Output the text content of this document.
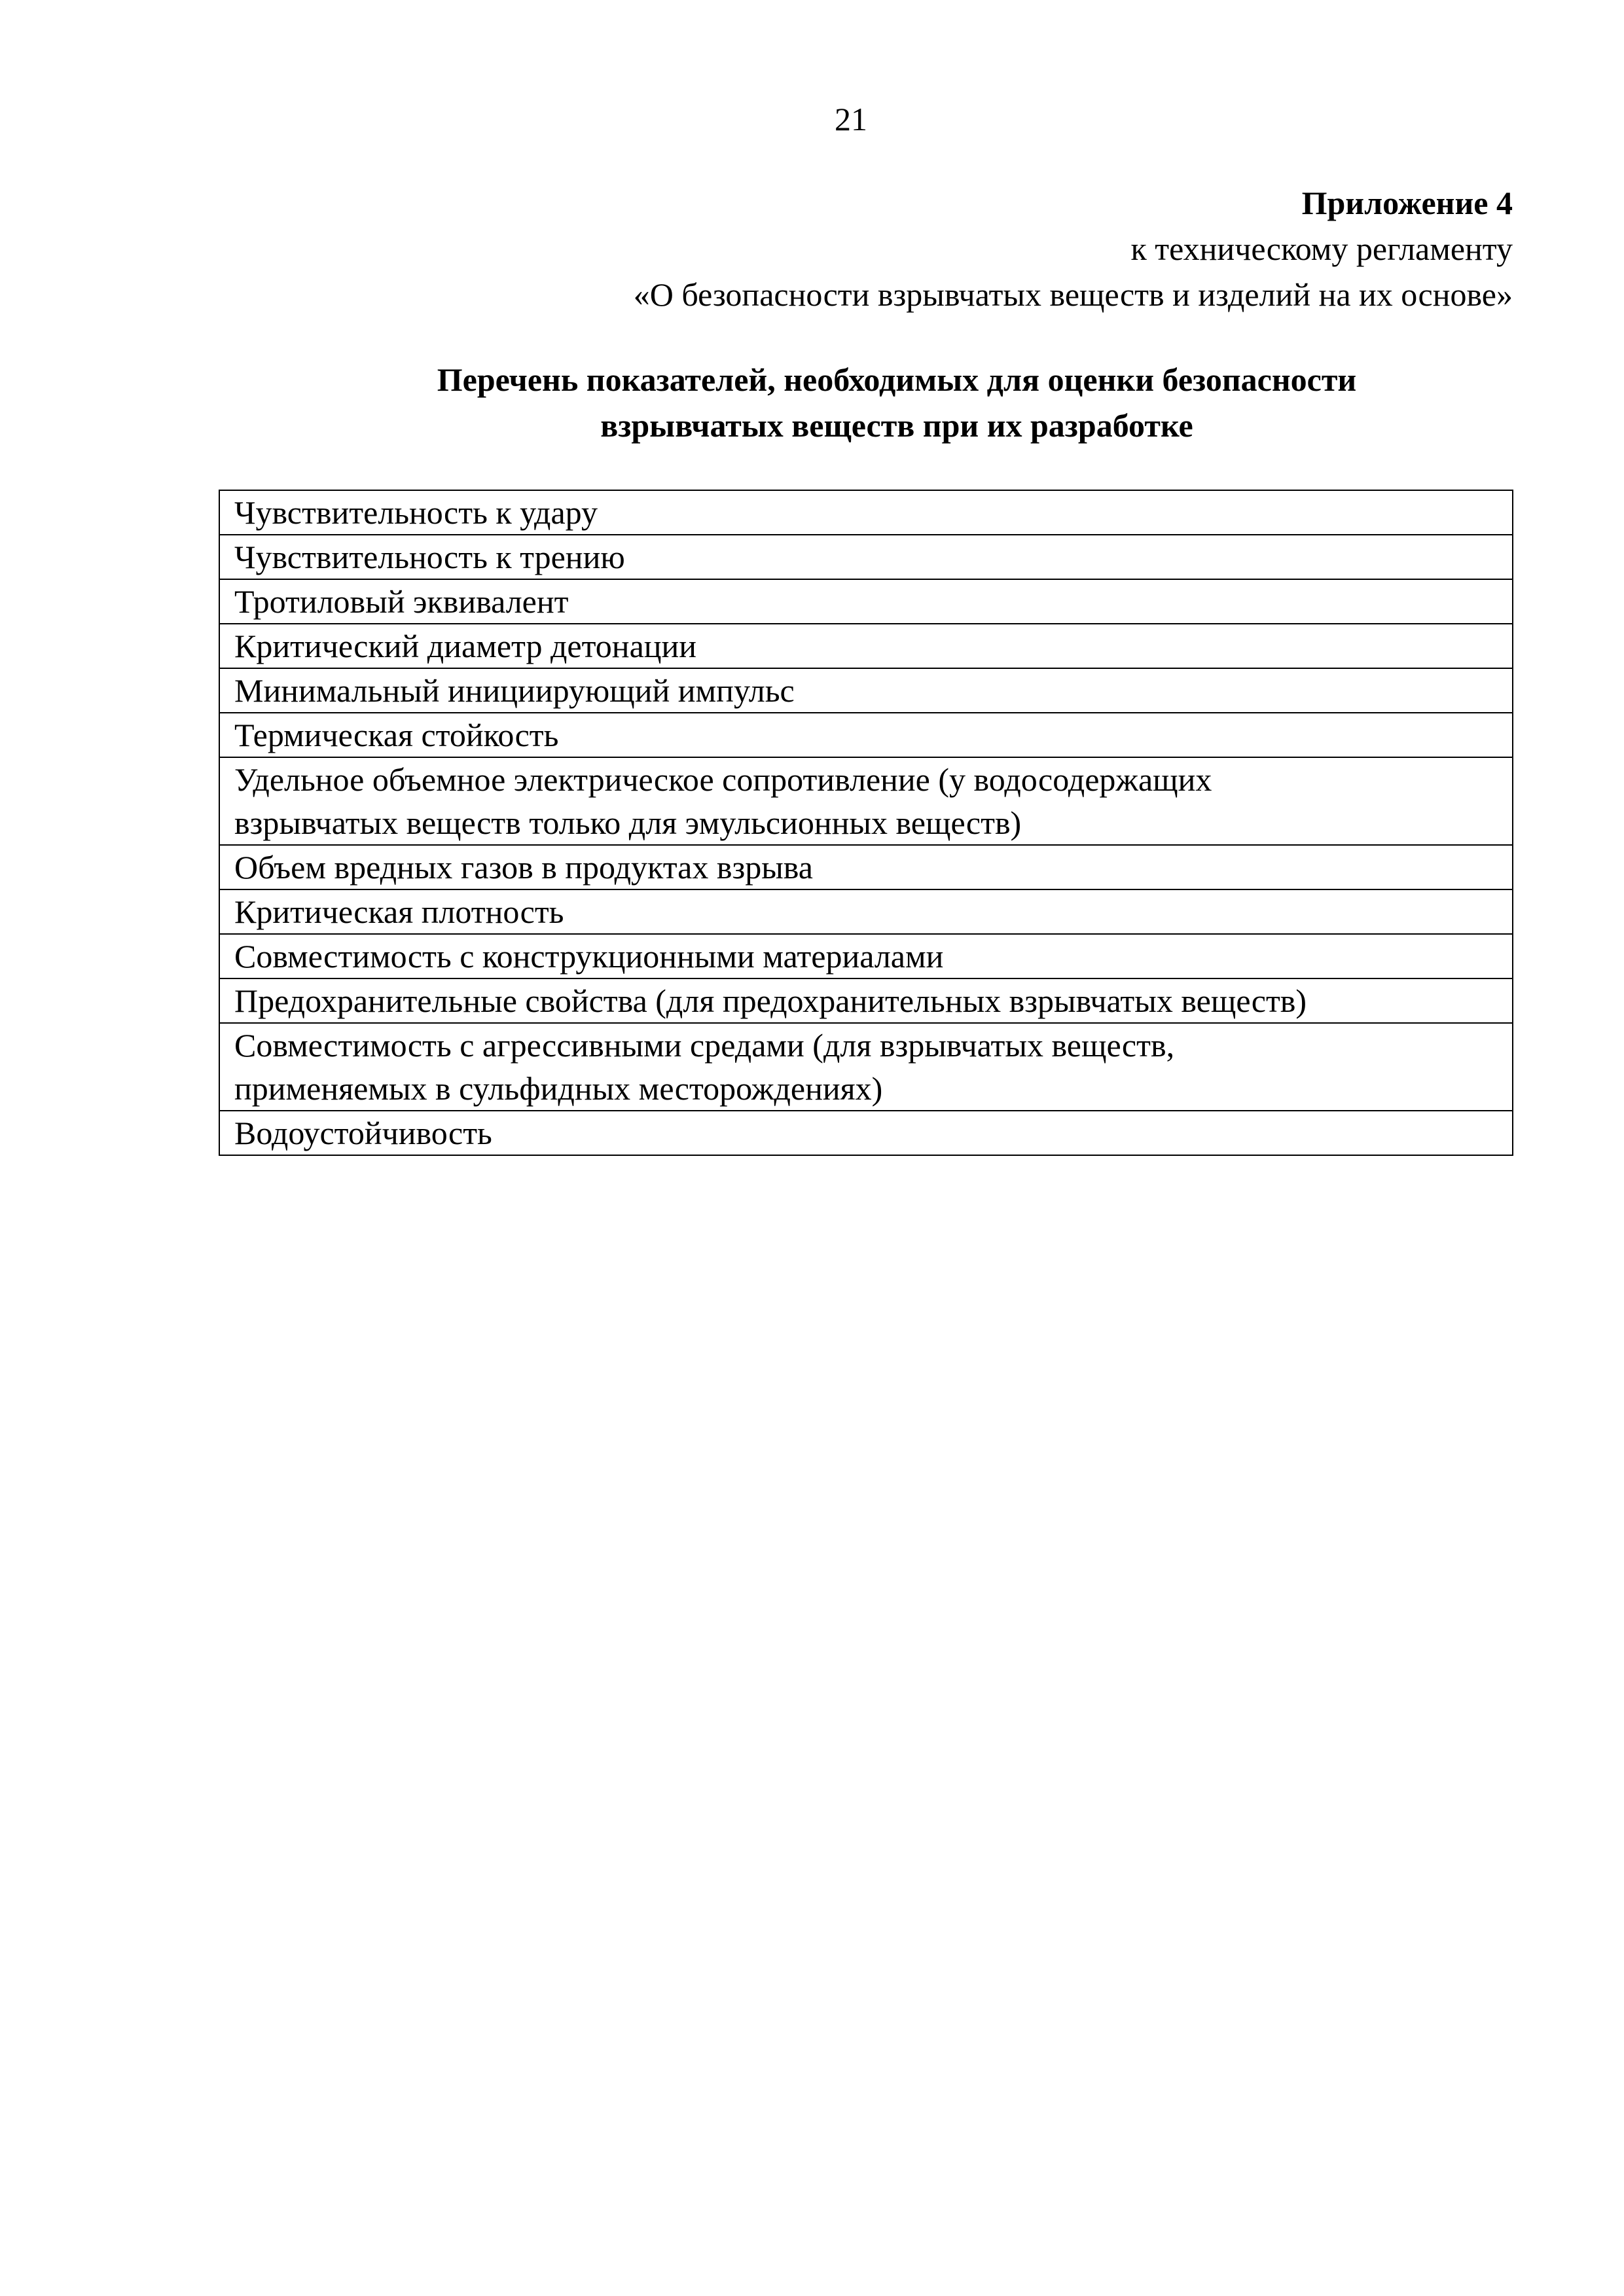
21
Приложение 4
к техническому регламенту
«О безопасности взрывчатых веществ и изделий на их основе»
Перечень показателей, необходимых для оценки безопасности
взрывчатых веществ при их разработке
Чувствительность к удару

Чувствительность к трению

Тротиловый эквивалент

Критический диаметр детонации

Минимальный инициирующий импульс

Термическая стойкость

Удельное объемное электрическое сопротивление (у водосодержащих
взрывчатых веществ только для эмульсионных веществ)

Объем вредных газов в продуктах взрыва

Критическая плотность

Совместимость с конструкционными материалами

Предохранительные свойства (для предохранительных взрывчатых веществ)

Совместимость с агрессивными средами (для взрывчатых веществ,
применяемых в сульфидных месторождениях)

Водоустойчивость
